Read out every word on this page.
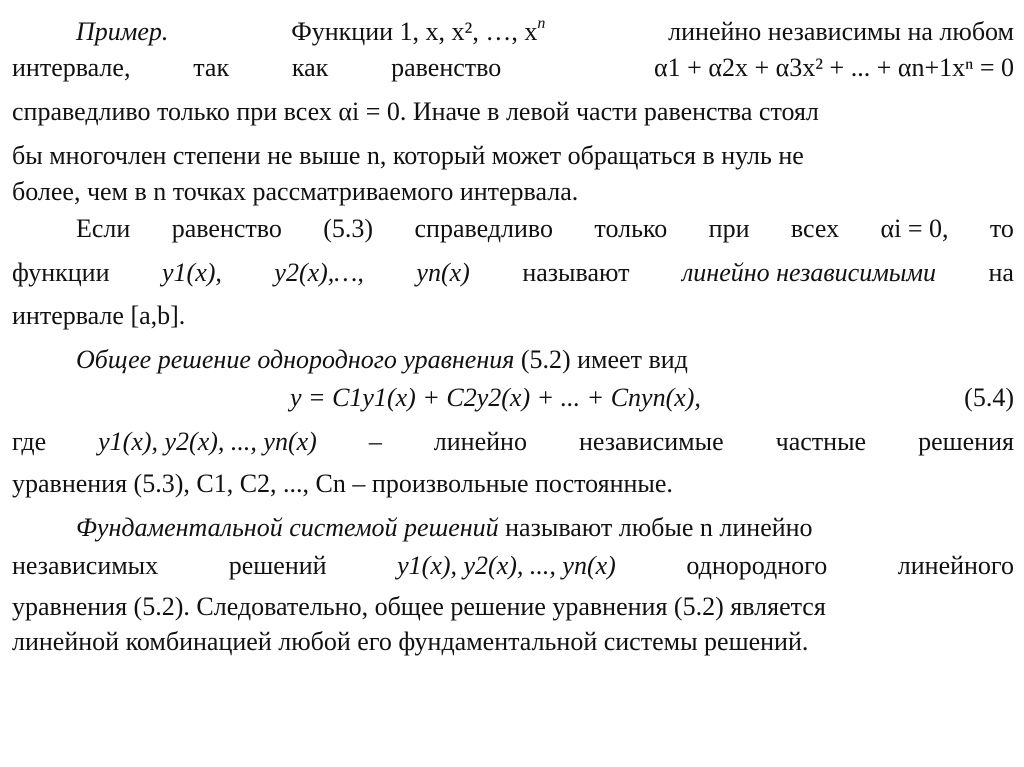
Пример.	Функции 1, x, x², …, $x^n$	линейно независимы на любом
интервале, так как равенство	α1 + α2x + α3x² + ... + αn+1xⁿ = 0
справедливо только при всех αi = 0. Иначе в левой части равенства стоял
бы многочлен степени не выше n, который может обращаться в нуль не
более, чем в n точках рассматриваемого интервала.
Если равенство (5.3) справедливо только при всех αi = 0, то
функции y1(x), y2(x),…, yn(x) называют линейно независимыми на
интервале [a,b].
Общее решение однородного уравнения (5.2) имеет вид
y = C1y1(x) + C2y2(x) + ... + Cnyn(x),	(5.4)
где y1(x), y2(x), ..., yn(x) – линейно независимые частные решения
уравнения (5.3), C1, C2, ..., Cn – произвольные постоянные.
Фундаментальной системой решений называют любые n линейно
независимых	решений	y1(x), y2(x), ..., yn(x)	однородного	линейного
уравнения (5.2). Следовательно, общее решение уравнения (5.2) является
линейной комбинацией любой его фундаментальной системы решений.
